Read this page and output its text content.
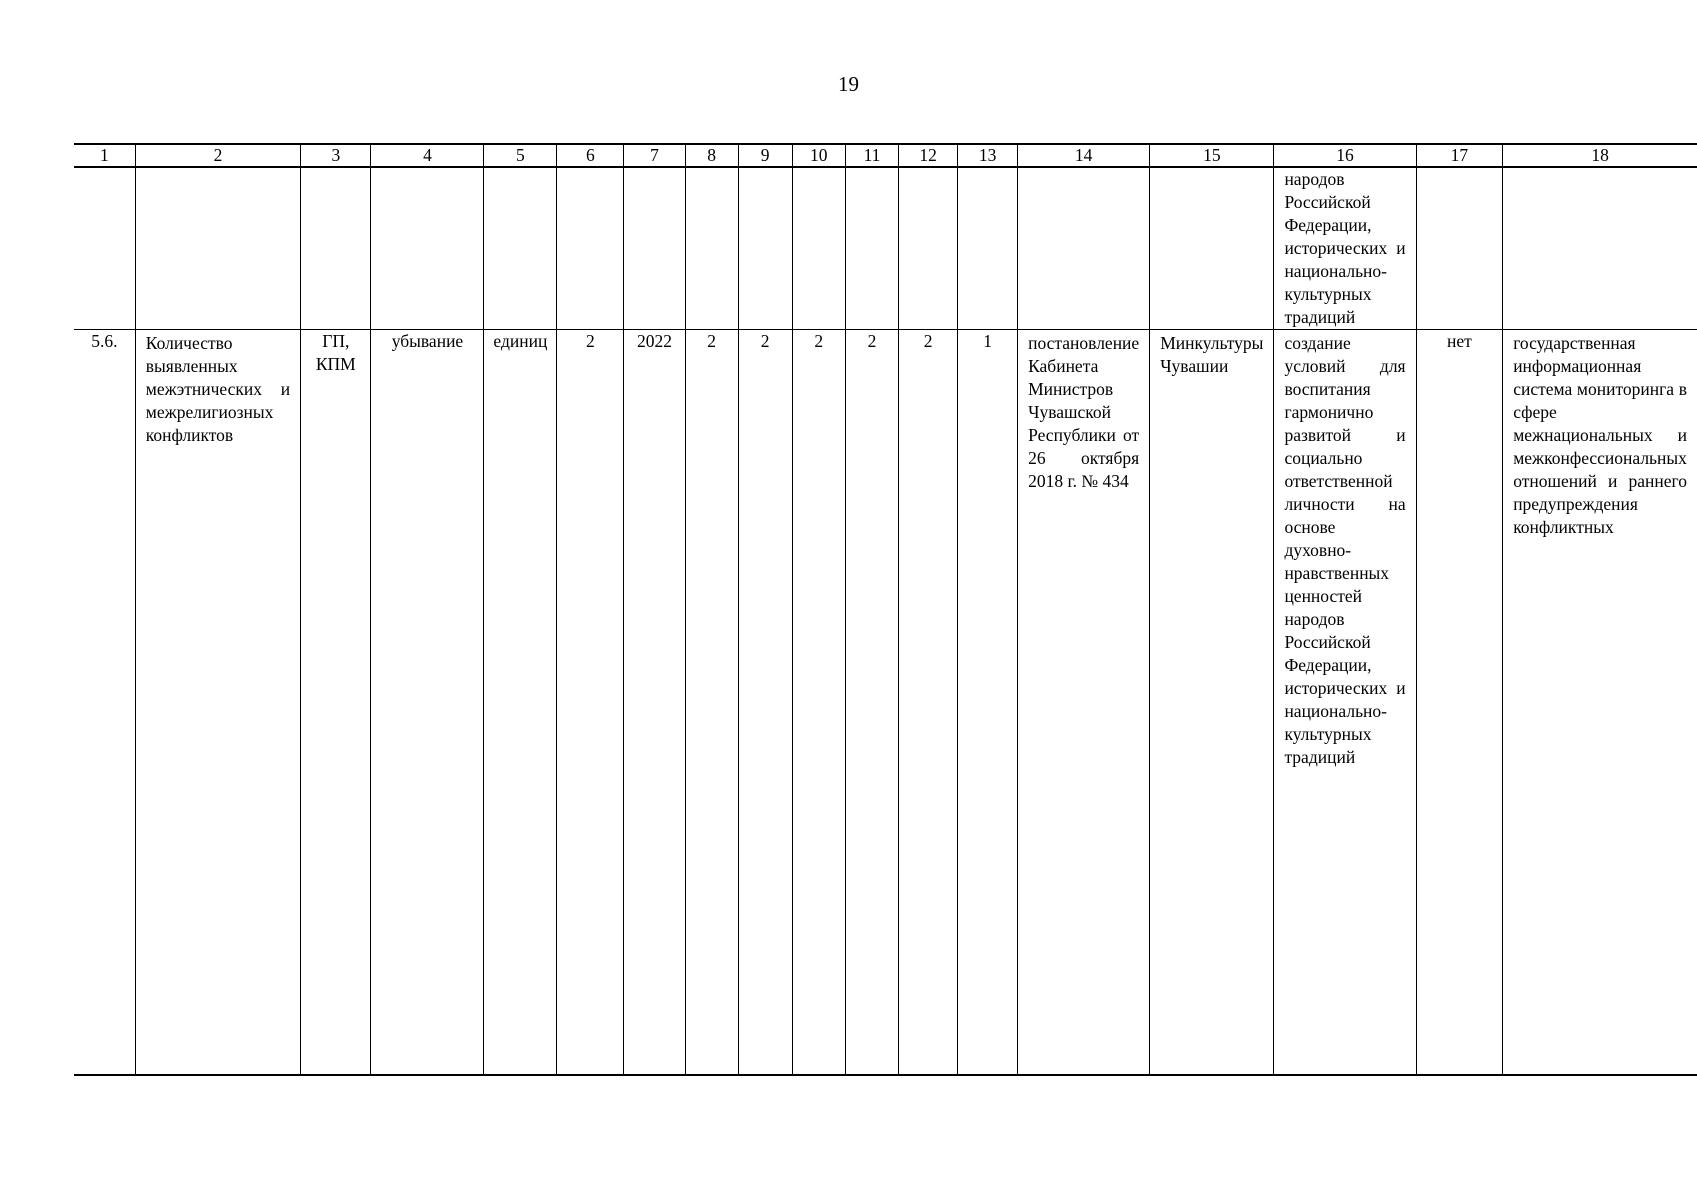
19
1	2	3	4	5	6	7	8	9	10	11	12	13	14	15	16	17	18
															народов Российской Федерации, исторических и национально-культурных традиций		
5.6.	Количество выявленных межэтнических и межрелигиозных конфликтов	ГП, КПМ	убывание	единиц	2	2022	2	2	2	2	2	1	постановление Кабинета Министров Чувашской Республики от 26 октября 2018 г. № 434	Минкультуры Чувашии	создание условий для воспитания гармонично развитой и социально ответственной личности на основе духовно-нравственных ценностей народов Российской Федерации, исторических и национально-культурных традиций	нет	государственная информационная система мониторинга в сфере межнациональных и межконфессиональных отношений и раннего предупреждения конфликтных
